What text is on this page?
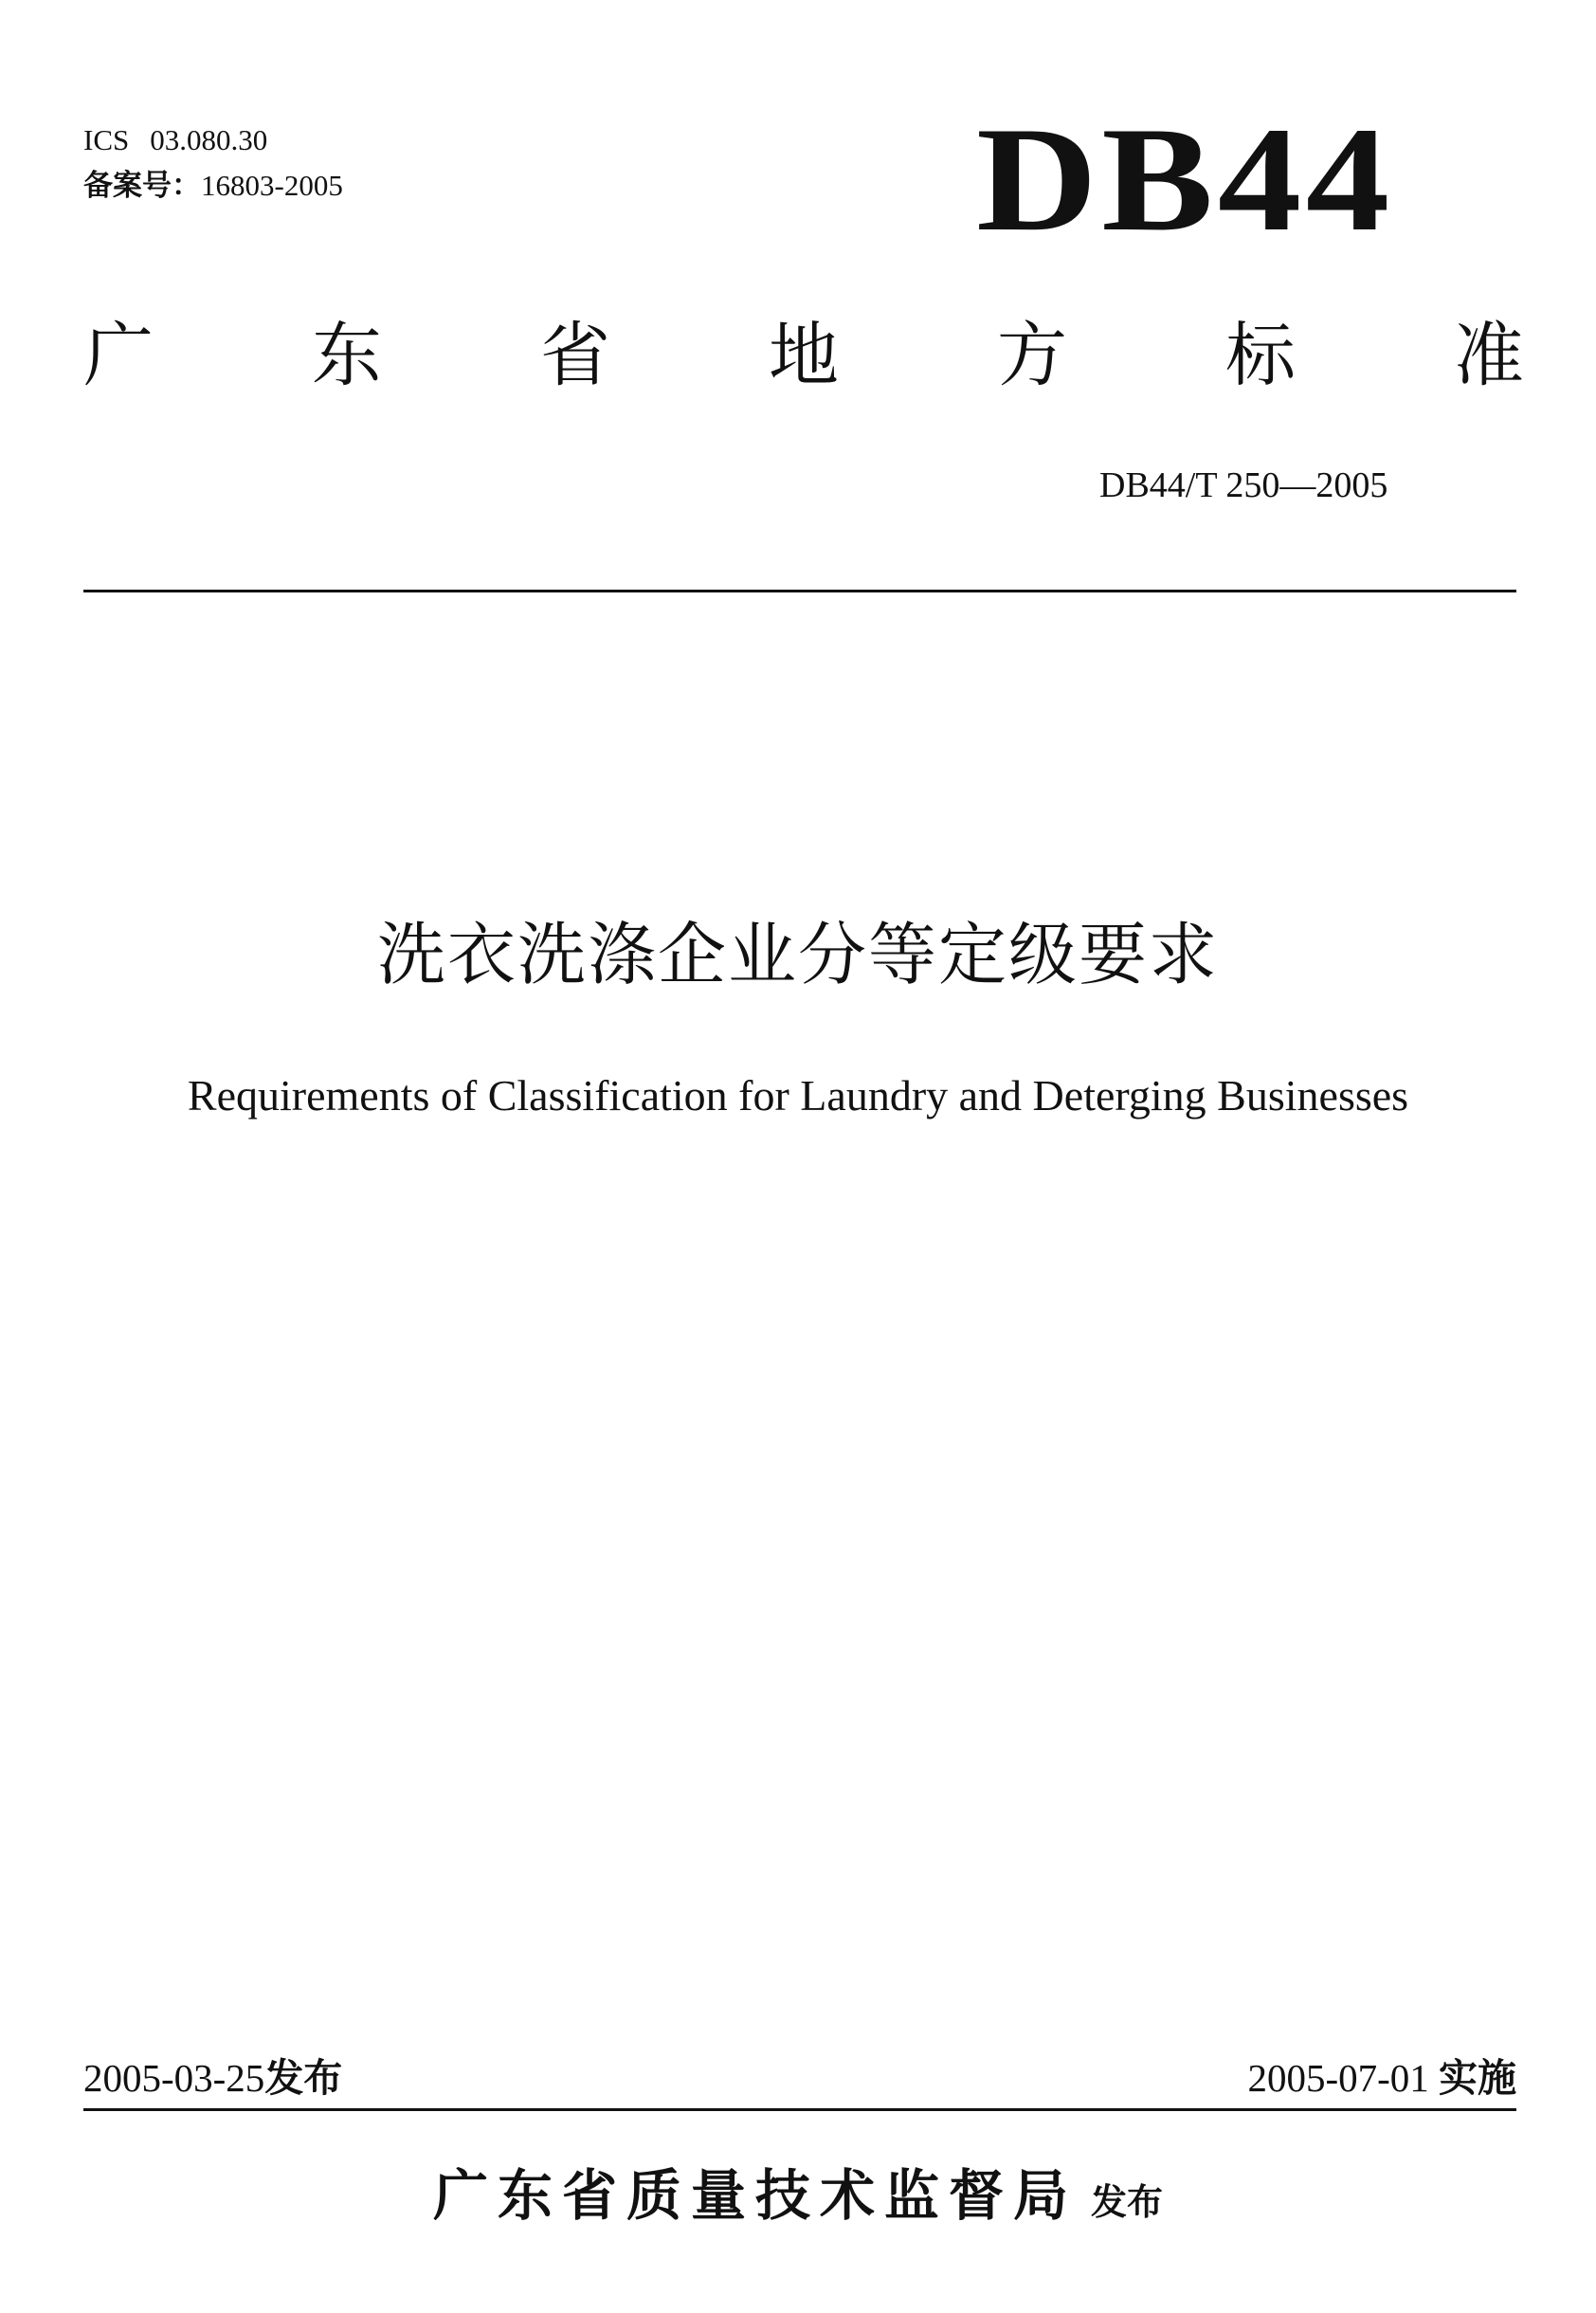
ICS 03.080.30
备案号：16803-2005	DB44
广 东 省 地 方 标 准
DB44/T 250—2005
洗衣洗涤企业分等定级要求
Requirements of Classification for Laundry and Deterging Businesses
2005-03-25发布	2005-07-01 实施
广东省质量技术监督局 发布
